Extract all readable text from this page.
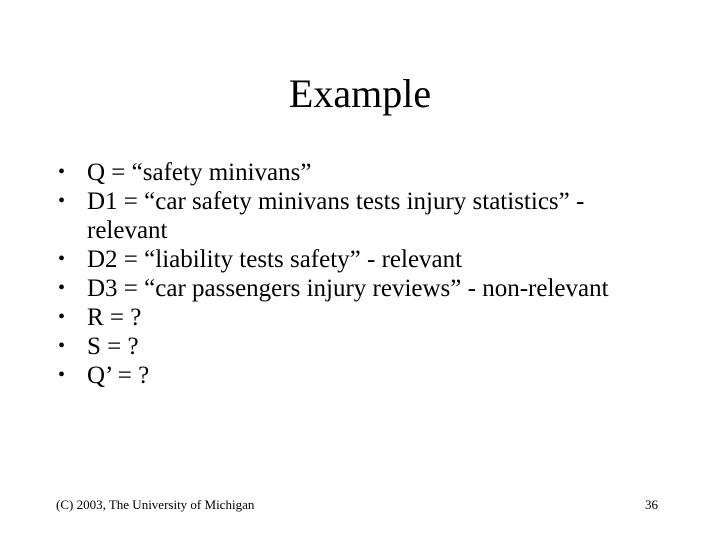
Example
• Q = “safety minivans”
• D1 = “car safety minivans tests injury statistics” - relevant
• D2 = “liability tests safety” - relevant
• D3 = “car passengers injury reviews” - non-relevant
• R = ?
• S = ?
• Q’ = ?
(C) 2003, The University of Michigan	36
